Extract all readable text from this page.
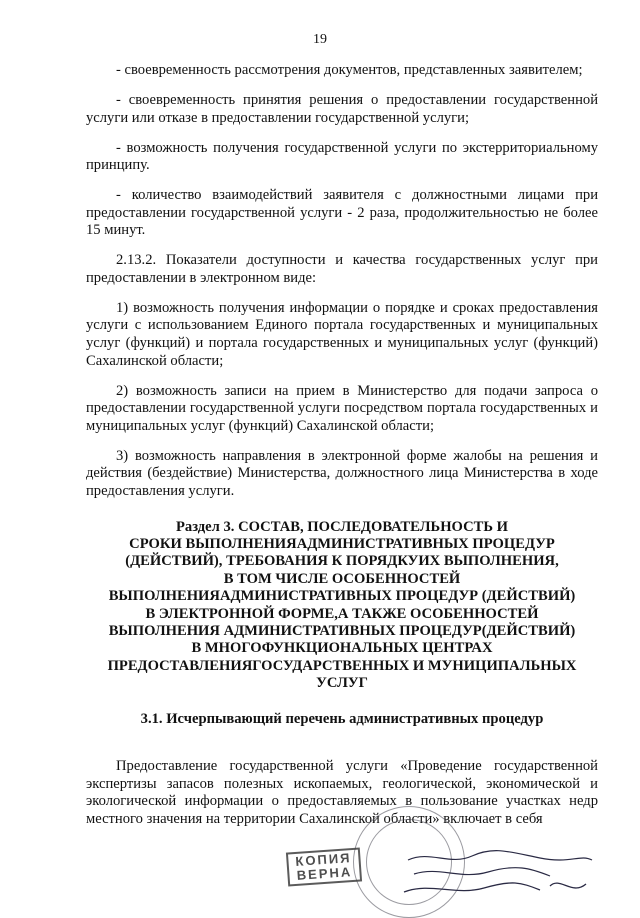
19

- своевременность рассмотрения документов, представленных заявителем;

- своевременность принятия решения о предоставлении государственной услуги или отказе в предоставлении государственной услуги;

- возможность получения государственной услуги по экстерриториальному принципу.

- количество взаимодействий заявителя с должностными лицами при предоставлении государственной услуги - 2 раза, продолжительностью не более 15 минут.

2.13.2. Показатели доступности и качества государственных услуг при предоставлении в электронном виде:

1) возможность получения информации о порядке и сроках предоставления услуги с использованием Единого портала государственных и муниципальных услуг (функций) и портала государственных и муниципальных услуг (функций) Сахалинской области;

2) возможность записи на прием в Министерство для подачи запроса о предоставлении государственной услуги посредством портала государственных и муниципальных услуг (функций) Сахалинской области;

3) возможность направления в электронной форме жалобы на решения и действия (бездействие) Министерства, должностного лица Министерства в ходе предоставления услуги.

Раздел 3. СОСТАВ, ПОСЛЕДОВАТЕЛЬНОСТЬ И
СРОКИ ВЫПОЛНЕНИЯАДМИНИСТРАТИВНЫХ ПРОЦЕДУР
(ДЕЙСТВИЙ), ТРЕБОВАНИЯ К ПОРЯДКУИХ ВЫПОЛНЕНИЯ,
В ТОМ ЧИСЛЕ ОСОБЕННОСТЕЙ
ВЫПОЛНЕНИЯАДМИНИСТРАТИВНЫХ ПРОЦЕДУР (ДЕЙСТВИЙ)
В ЭЛЕКТРОННОЙ ФОРМЕ,А ТАКЖЕ ОСОБЕННОСТЕЙ
ВЫПОЛНЕНИЯ АДМИНИСТРАТИВНЫХ ПРОЦЕДУР(ДЕЙСТВИЙ)
В МНОГОФУНКЦИОНАЛЬНЫХ ЦЕНТРАХ
ПРЕДОСТАВЛЕНИЯГОСУДАРСТВЕННЫХ И МУНИЦИПАЛЬНЫХ
УСЛУГ
3.1. Исчерпывающий перечень административных процедур

Предоставление государственной услуги «Проведение государственной экспертизы запасов полезных ископаемых, геологической, экономической и экологической информации о предоставляемых в пользование участках недр местного значения на территории Сахалинской области» включает в себя

КОПИЯ ВЕРНА
